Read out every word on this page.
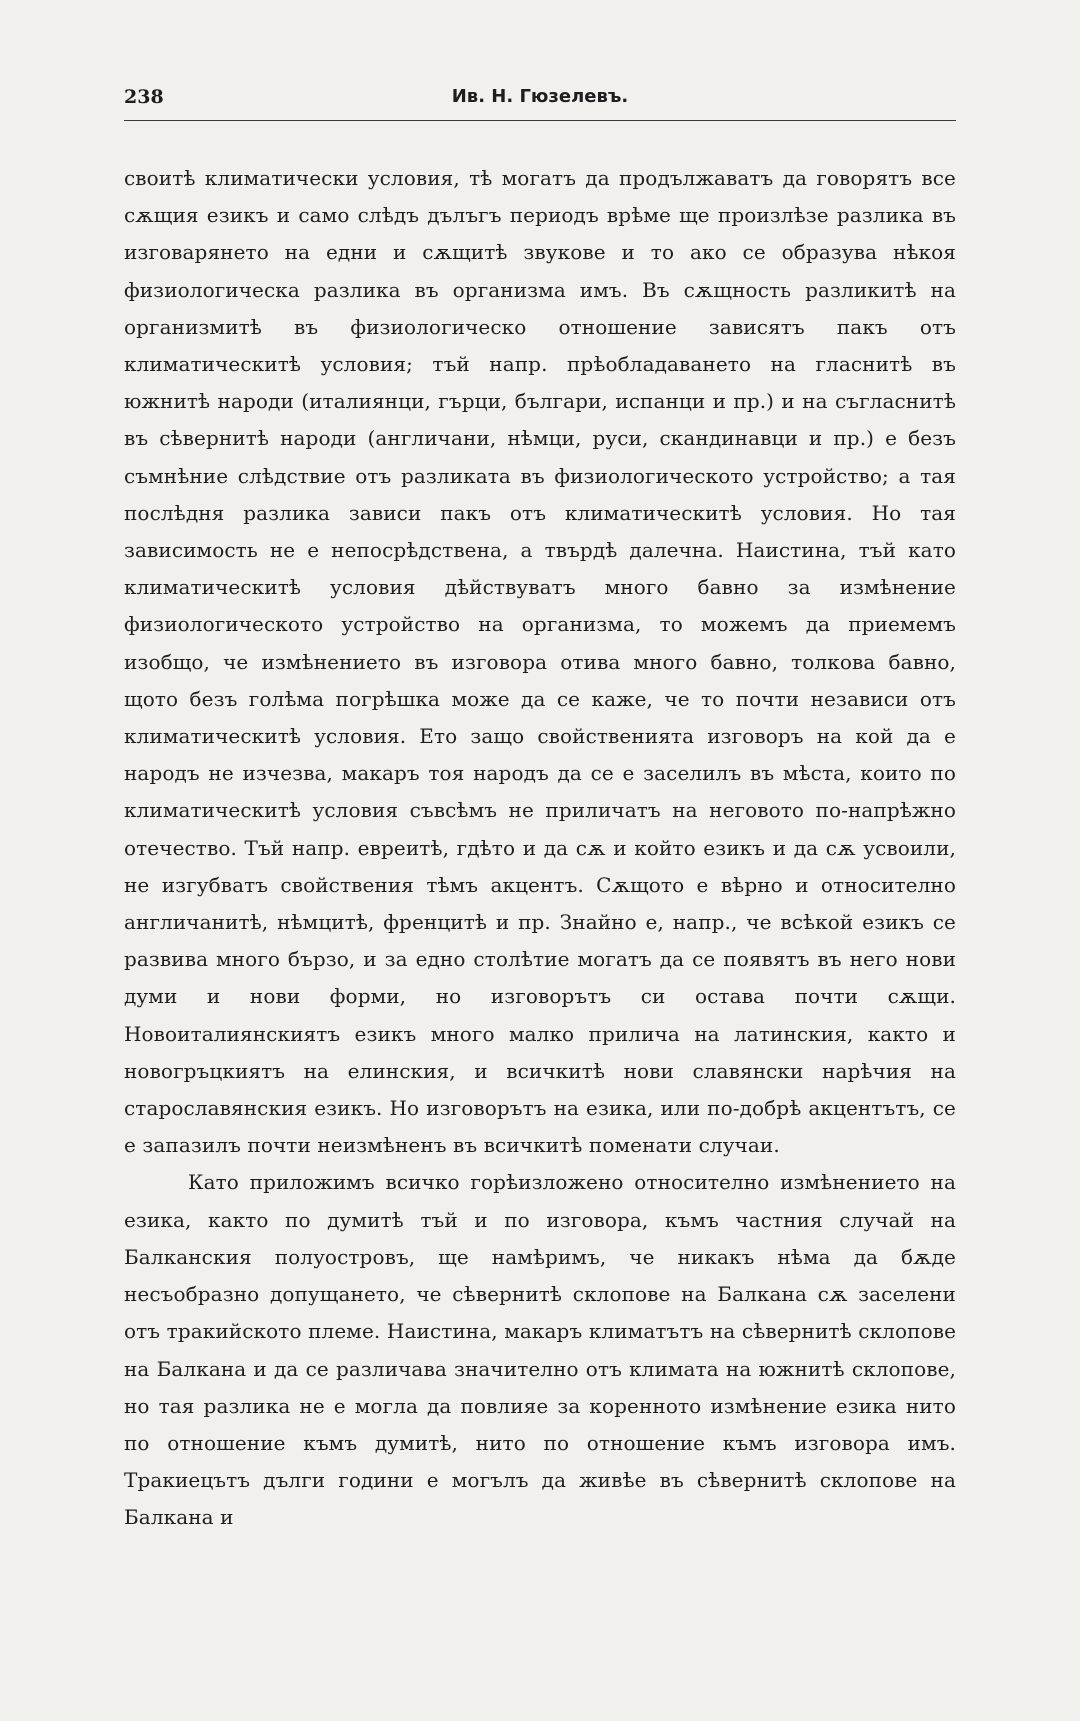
238	Ив. Н. Гюзелевъ.

своитѣ климатически условия, тѣ могатъ да продължаватъ да говорятъ все сѫщия езикъ и само слѣдъ дълъгъ периодъ врѣме ще произлѣзе разлика въ изговарянето на едни и сѫщитѣ звукове и то ако се образува нѣкоя физиологическа разлика въ организма имъ. Въ сѫщность разликитѣ на организмитѣ въ физиологическо отношение зависятъ пакъ отъ климатическитѣ условия; тъй напр. прѣобладаването на гласнитѣ въ южнитѣ народи (италиянци, гърци, българи, испанци и пр.) и на съгласнитѣ въ сѣвернитѣ народи (англичани, нѣмци, руси, скандинавци и пр.) е безъ съмнѣние слѣдствие отъ разликата въ физиологическото устройство; а тая послѣдня разлика зависи пакъ отъ климатическитѣ условия. Но тая зависимость не е непосрѣдствена, а твърдѣ далечна. Наистина, тъй като климатическитѣ условия дѣйствуватъ много бавно за измѣнение физиологическото устройство на организма, то можемъ да приемемъ изобщо, че измѣнението въ изговора отива много бавно, толкова бавно, щото безъ голѣма погрѣшка може да се каже, че то почти независи отъ климатическитѣ условия. Ето защо свойственията изговоръ на кой да е народъ не изчезва, макаръ тоя народъ да се е заселилъ въ мѣста, които по климатическитѣ условия съвсѣмъ не приличатъ на неговото по-напрѣжно отечество. Тъй напр. евреитѣ, гдѣто и да сѫ и който езикъ и да сѫ усвоили, не изгубватъ свойствения тѣмъ акцентъ. Сѫщото е вѣрно и относително англичанитѣ, нѣмцитѣ, френцитѣ и пр. Знайно е, напр., че всѣкой езикъ се развива много бързо, и за едно столѣтие могатъ да се появятъ въ него нови думи и нови форми, но изговорътъ си остава почти сѫщи. Новоиталиянскиятъ езикъ много малко прилича на латинския, както и новогръцкиятъ на елинския, и всичкитѣ нови славянски нарѣчия на старославянския езикъ. Но изговорътъ на езика, или по-добрѣ акцентътъ, се е запазилъ почти неизмѣненъ въ всичкитѣ поменати случаи.

Като приложимъ всичко горѣизложено относително измѣнението на езика, както по думитѣ тъй и по изговора, къмъ частния случай на Балканския полуостровъ, ще намѣримъ, че никакъ нѣма да бѫде несъобразно допущането, че сѣвернитѣ склопове на Балкана сѫ заселени отъ тракийското племе. Наистина, макаръ климатътъ на сѣвернитѣ склопове на Балкана и да се различава значително отъ климата на южнитѣ склопове, но тая разлика не е могла да повлияе за коренното измѣнение езика нито по отношение къмъ думитѣ, нито по отношение къмъ изговора имъ. Тракиецътъ дълги години е могълъ да живѣе въ сѣвернитѣ склопове на Балкана и
